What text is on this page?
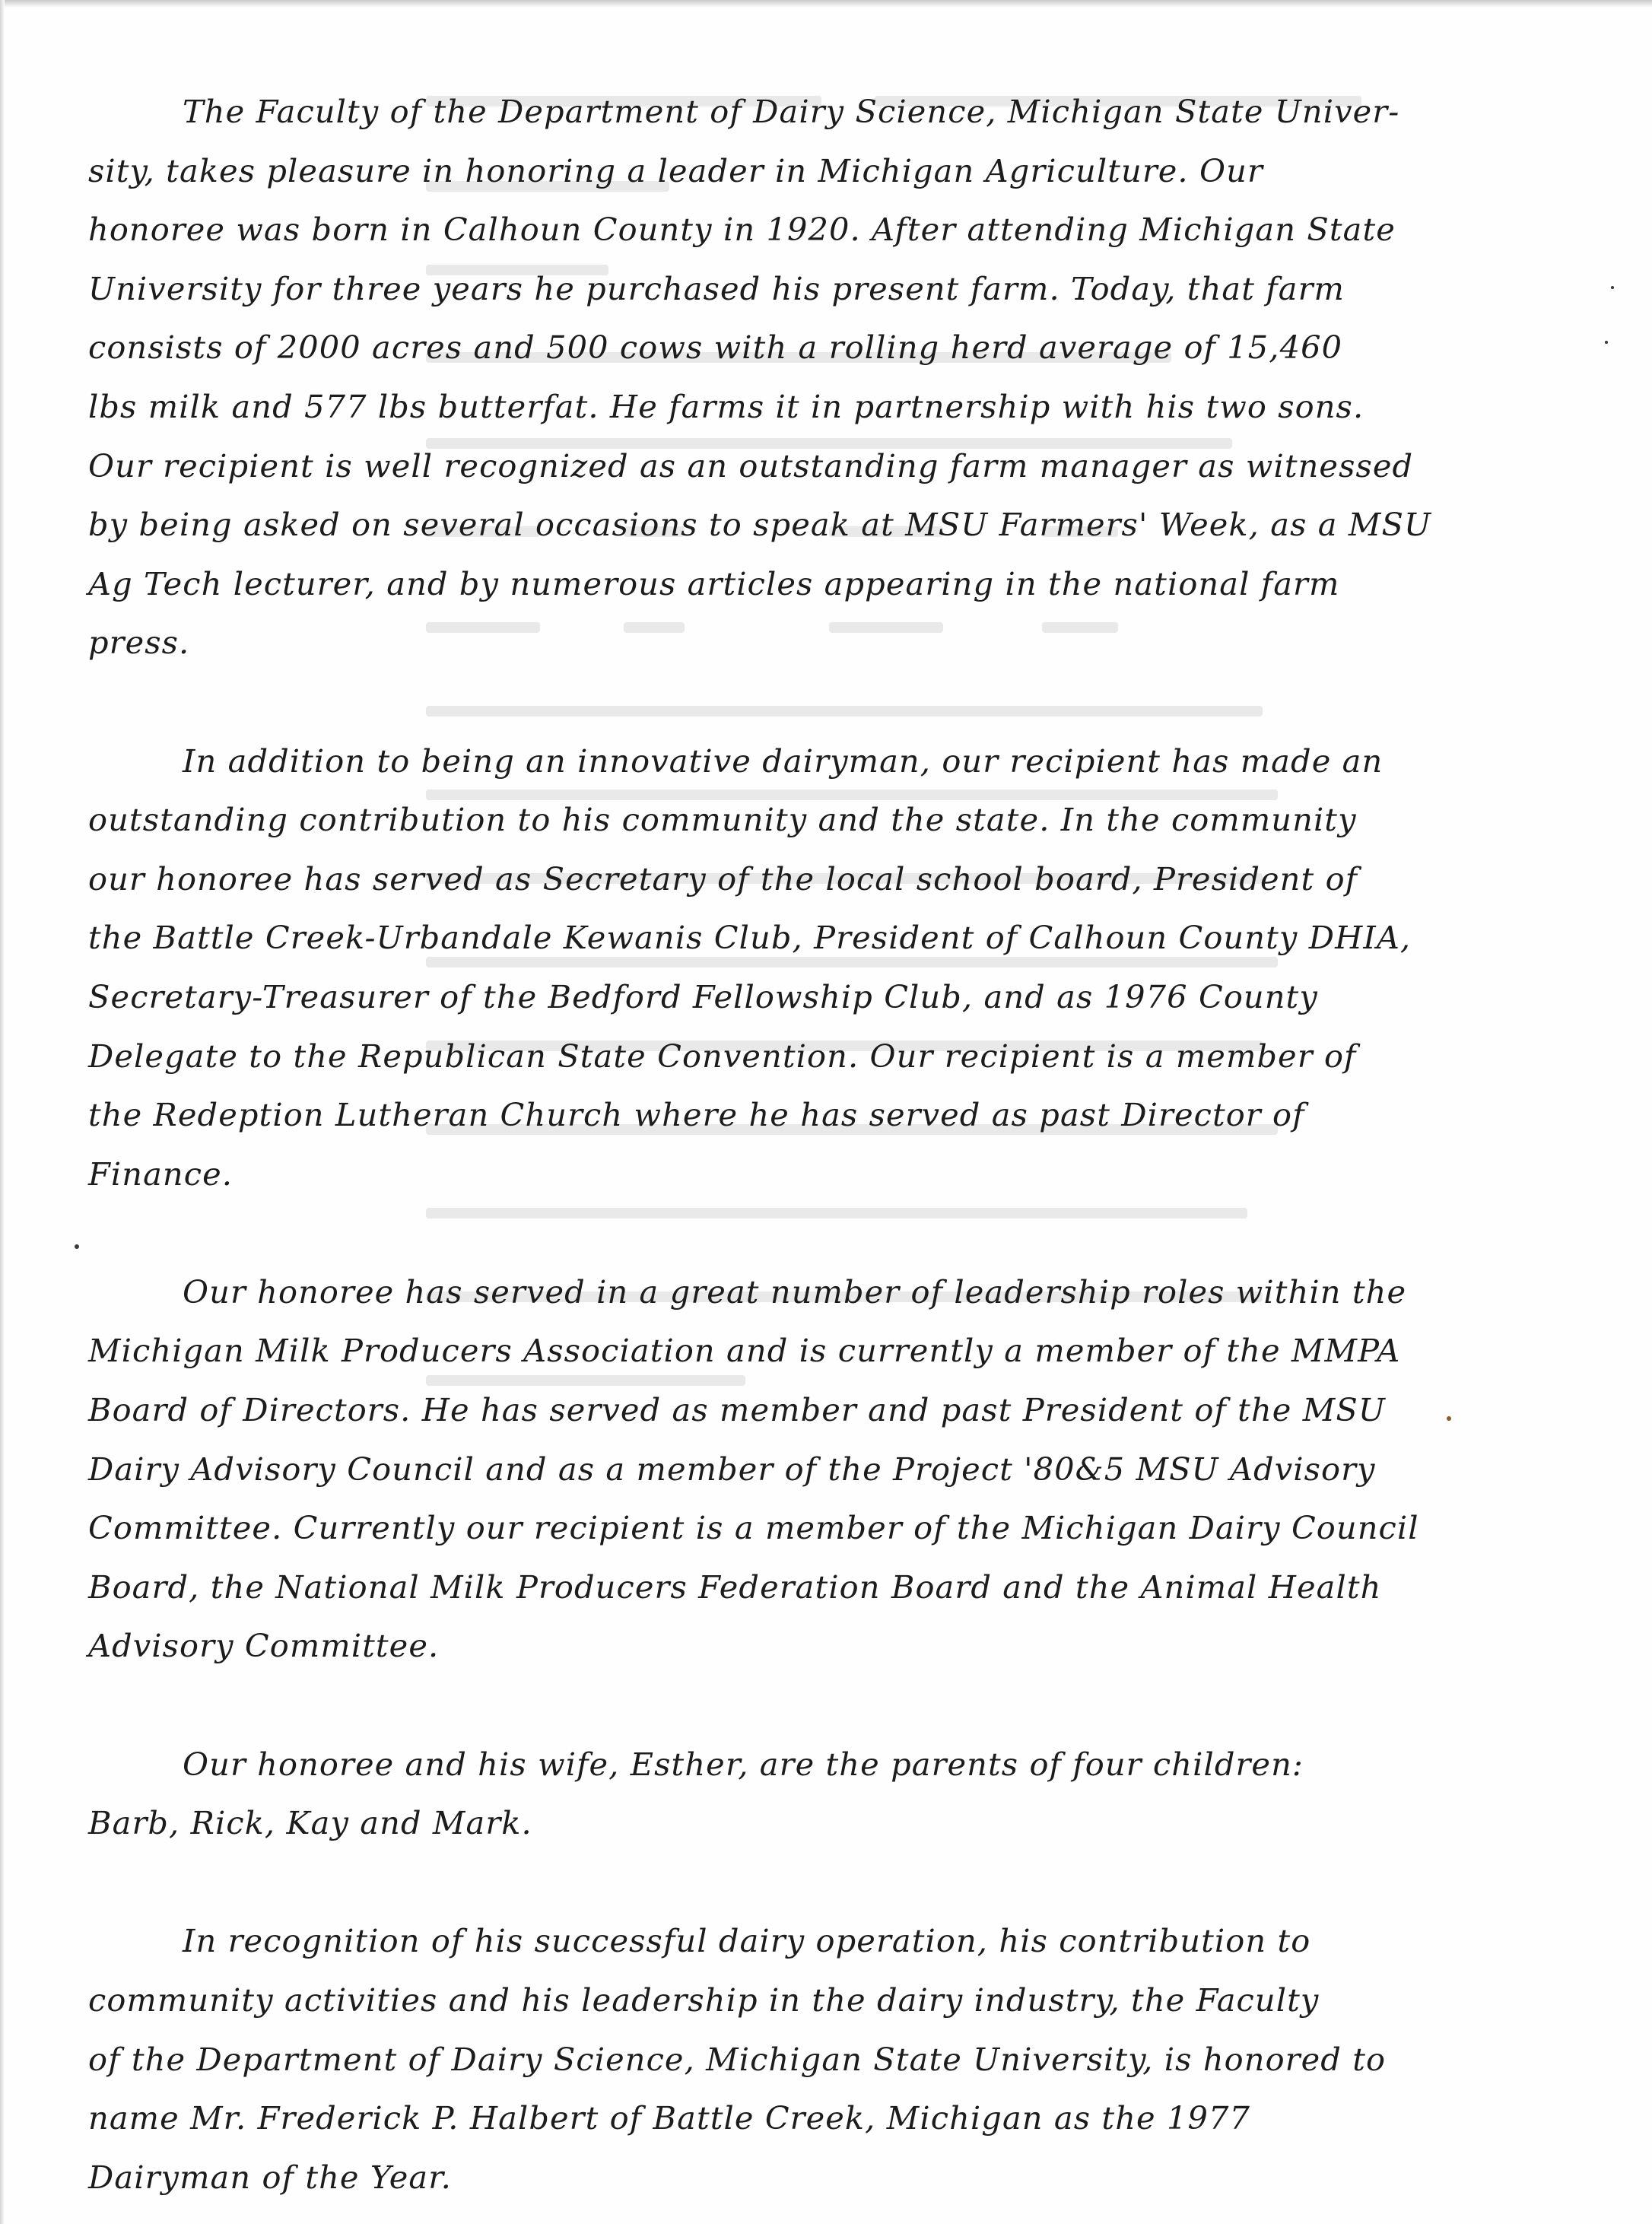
The Faculty of the Department of Dairy Science, Michigan State Univer-
sity, takes pleasure in honoring a leader in Michigan Agriculture. Our
honoree was born in Calhoun County in 1920. After attending Michigan State
University for three years he purchased his present farm. Today, that farm
consists of 2000 acres and 500 cows with a rolling herd average of 15,460
lbs milk and 577 lbs butterfat. He farms it in partnership with his two sons.
Our recipient is well recognized as an outstanding farm manager as witnessed
by being asked on several occasions to speak at MSU Farmers' Week, as a MSU
Ag Tech lecturer, and by numerous articles appearing in the national farm
press.

In addition to being an innovative dairyman, our recipient has made an
outstanding contribution to his community and the state. In the community
our honoree has served as Secretary of the local school board, President of
the Battle Creek-Urbandale Kewanis Club, President of Calhoun County DHIA,
Secretary-Treasurer of the Bedford Fellowship Club, and as 1976 County
Delegate to the Republican State Convention. Our recipient is a member of
the Redeption Lutheran Church where he has served as past Director of
Finance.

Our honoree has served in a great number of leadership roles within the
Michigan Milk Producers Association and is currently a member of the MMPA
Board of Directors. He has served as member and past President of the MSU
Dairy Advisory Council and as a member of the Project '80&5 MSU Advisory
Committee. Currently our recipient is a member of the Michigan Dairy Council
Board, the National Milk Producers Federation Board and the Animal Health
Advisory Committee.

Our honoree and his wife, Esther, are the parents of four children:
Barb, Rick, Kay and Mark.

In recognition of his successful dairy operation, his contribution to
community activities and his leadership in the dairy industry, the Faculty
of the Department of Dairy Science, Michigan State University, is honored to
name Mr. Frederick P. Halbert of Battle Creek, Michigan as the 1977
Dairyman of the Year.
